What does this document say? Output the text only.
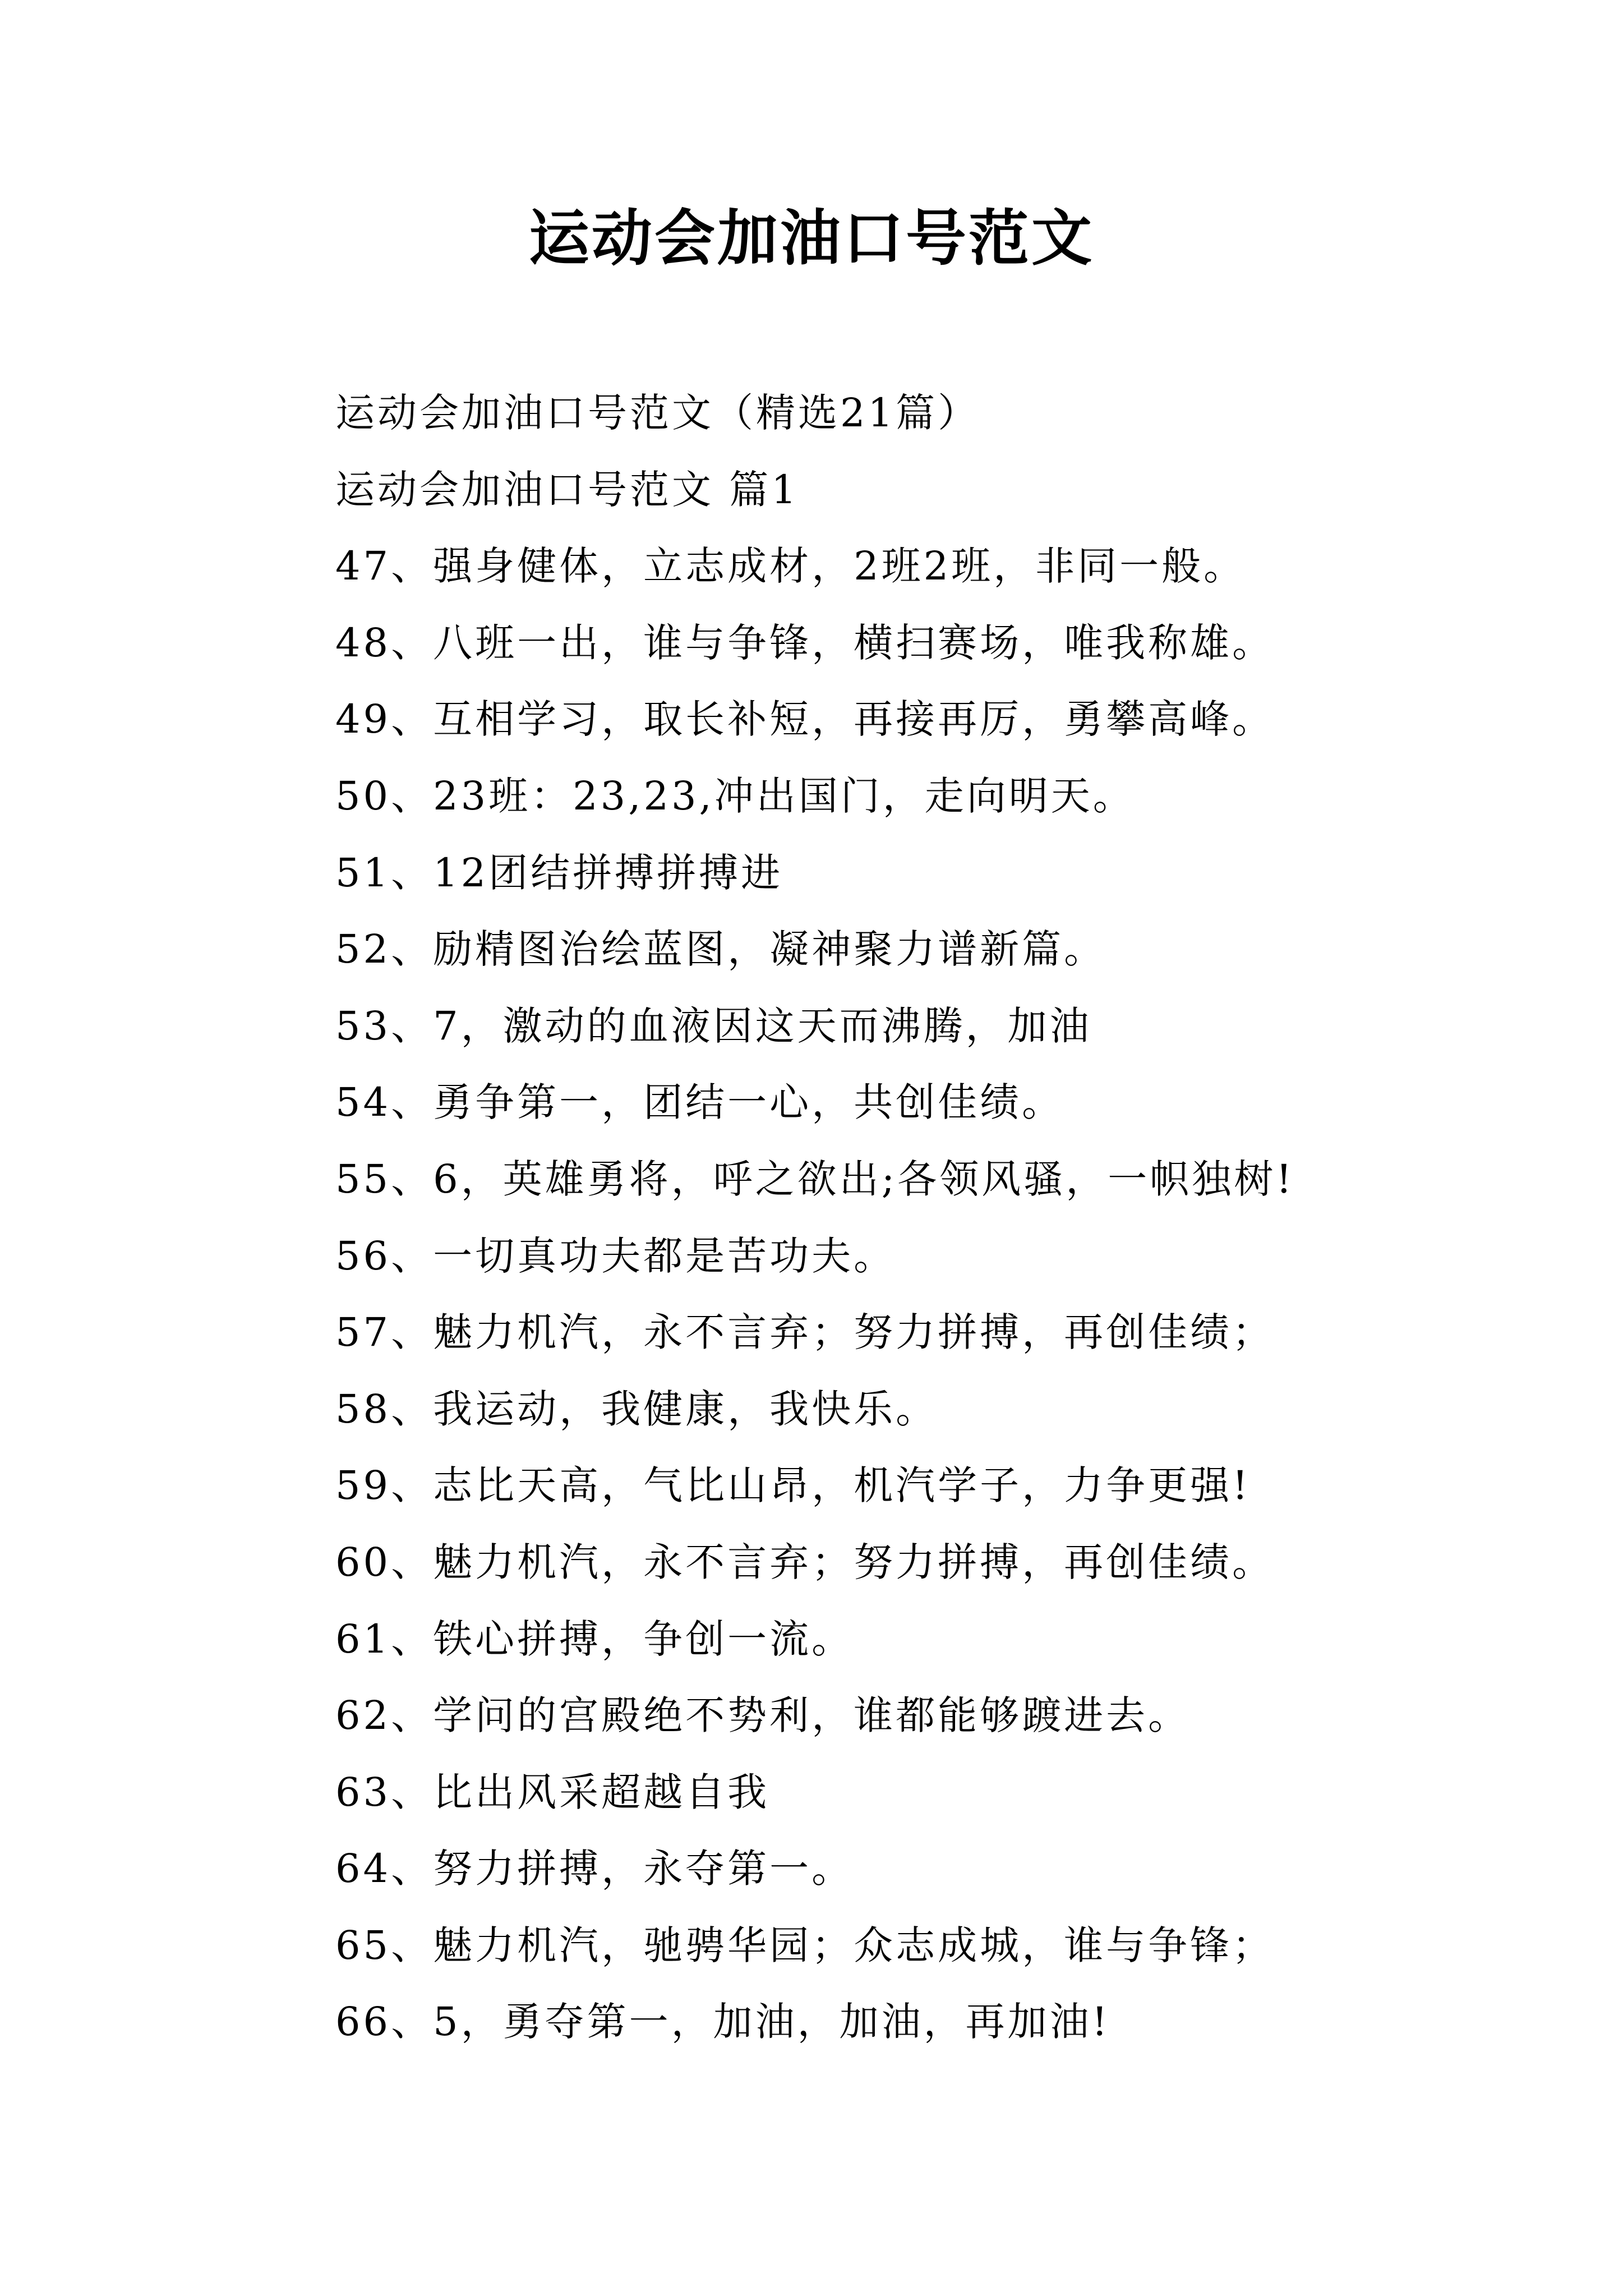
运动会加油口号范文
运动会加油口号范文（精选21篇）
运动会加油口号范文 篇1
47、强身健体，立志成材，2班2班，非同一般。
48、八班一出，谁与争锋，横扫赛场，唯我称雄。
49、互相学习，取长补短，再接再厉，勇攀高峰。
50、23班：23,23,冲出国门，走向明天。
51、12团结拼搏拼搏进
52、励精图治绘蓝图，凝神聚力谱新篇。
53、7，激动的血液因这天而沸腾，加油
54、勇争第一，团结一心，共创佳绩。
55、6，英雄勇将，呼之欲出;各领风骚，一帜独树!
56、一切真功夫都是苦功夫。
57、魅力机汽，永不言弃；努力拼搏，再创佳绩；
58、我运动，我健康，我快乐。
59、志比天高，气比山昂，机汽学子，力争更强!
60、魅力机汽，永不言弃；努力拼搏，再创佳绩。
61、铁心拼搏，争创一流。
62、学问的宫殿绝不势利，谁都能够踱进去。
63、比出风采超越自我
64、努力拼搏，永夺第一。
65、魅力机汽，驰骋华园；众志成城，谁与争锋；
66、5，勇夺第一，加油，加油，再加油!
